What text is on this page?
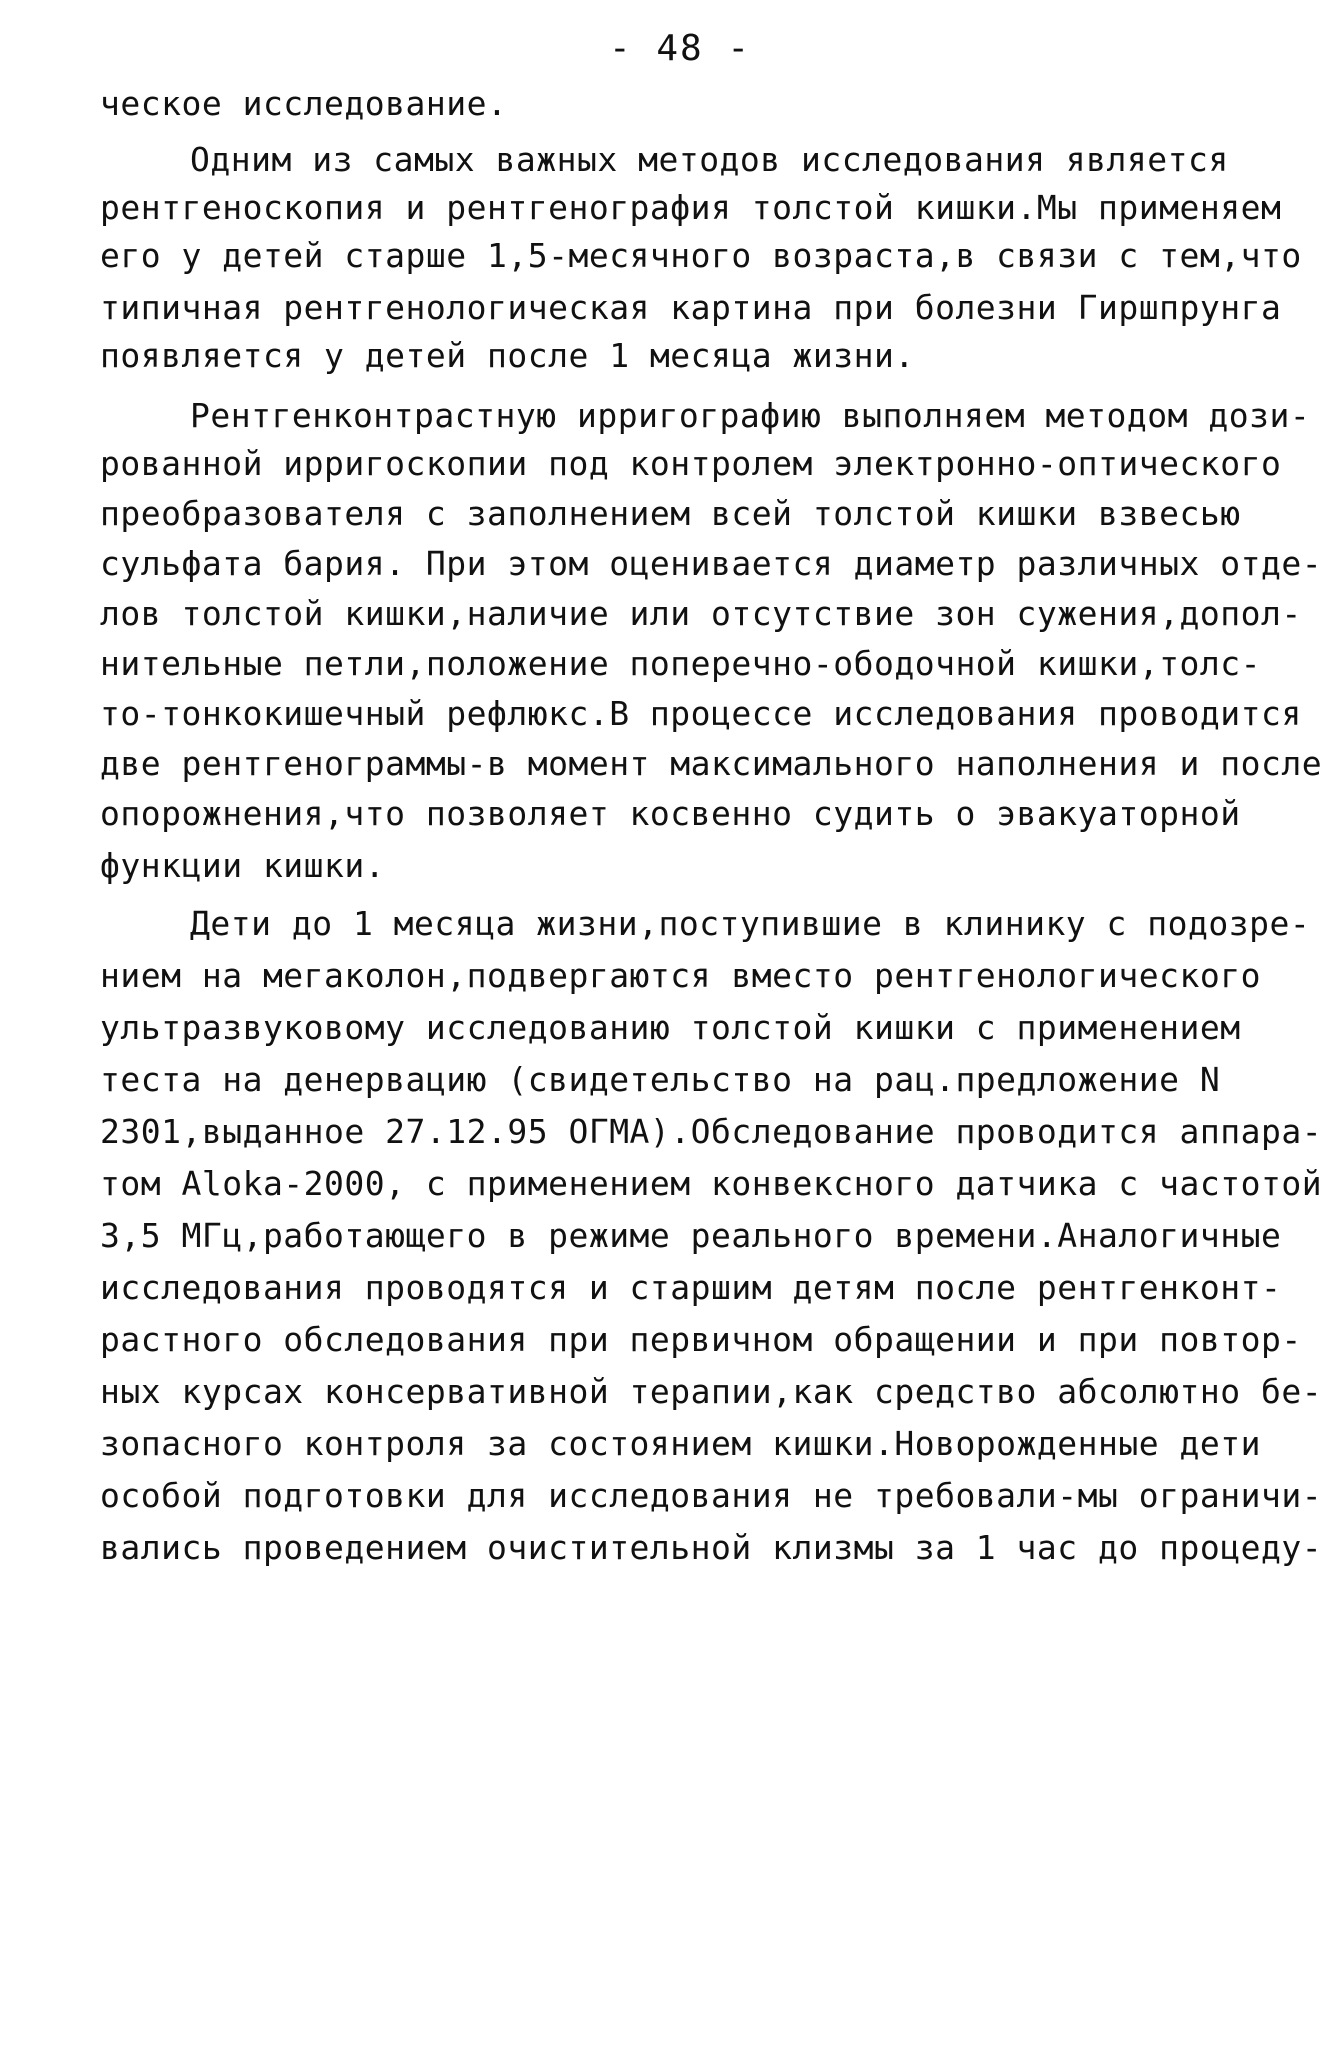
- 48 -
ческое исследование.
Одним из самых важных методов исследования является
рентгеноскопия и рентгенография толстой кишки.Мы применяем
его у детей старше 1,5-месячного возраста,в связи с тем,что
типичная рентгенологическая картина при болезни Гиршпрунга
появляется у детей после 1 месяца жизни.
Рентгенконтрастную ирригографию выполняем методом дози-
рованной ирригоскопии под контролем электронно-оптического
преобразователя с заполнением всей толстой кишки взвесью
сульфата бария. При этом оценивается диаметр различных отде-
лов толстой кишки,наличие или отсутствие зон сужения,допол-
нительные петли,положение поперечно-ободочной кишки,толс-
то-тонкокишечный рефлюкс.В процессе исследования проводится
две рентгенограммы-в момент максимального наполнения и после
опорожнения,что позволяет косвенно судить о эвакуаторной
функции кишки.
Дети до 1 месяца жизни,поступившие в клинику с подозре-
нием на мегаколон,подвергаются вместо рентгенологического
ультразвуковому исследованию толстой кишки с применением
теста на денервацию (свидетельство на рац.предложение N
2301,выданное 27.12.95 ОГМА).Обследование проводится аппара-
том Aloka-2000, с применением конвексного датчика с частотой
3,5 МГц,работающего в режиме реального времени.Аналогичные
исследования проводятся и старшим детям после рентгенконт-
растного обследования при первичном обращении и при повтор-
ных курсах консервативной терапии,как средство абсолютно бе-
зопасного контроля за состоянием кишки.Новорожденные дети
особой подготовки для исследования не требовали-мы ограничи-
вались проведением очистительной клизмы за 1 час до процеду-
